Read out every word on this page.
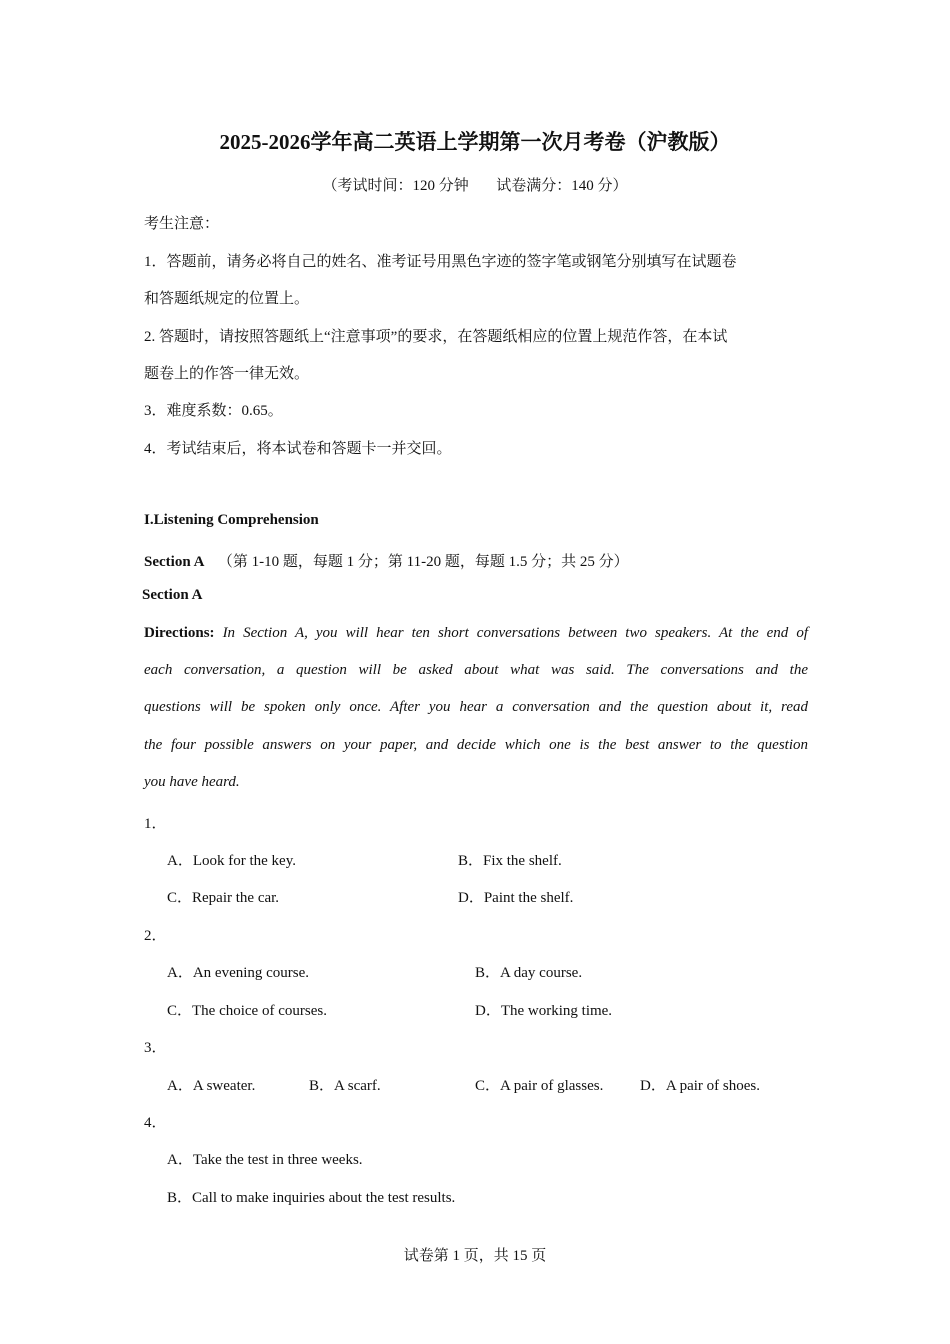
2025-2026学年高二英语上学期第一次月考卷（沪教版）
（考试时间：120 分钟 试卷满分：140 分）
考生注意：
1．答题前，请务必将自己的姓名、准考证号用黑色字迹的签字笔或钢笔分别填写在试题卷
和答题纸规定的位置上。
2. 答题时，请按照答题纸上“注意事项”的要求，在答题纸相应的位置上规范作答，在本试
题卷上的作答一律无效。
3．难度系数：0.65。
4．考试结束后，将本试卷和答题卡一并交回。
I.Listening Comprehension
Section A （第 1-10 题，每题 1 分；第 11-20 题，每题 1.5 分；共 25 分）
Section A
Directions: In Section A, you will hear ten short conversations between two speakers. At the end of
each conversation, a question will be asked about what was said. The conversations and the
questions will be spoken only once. After you hear a conversation and the question about it, read
the four possible answers on your paper, and decide which one is the best answer to the question
you have heard.
1．
A．Look for the key.	B．Fix the shelf.
C．Repair the car.	D．Paint the shelf.
2．
A．An evening course.	B．A day course.
C．The choice of courses.	D．The working time.
3．
A．A sweater.	B．A scarf.	C．A pair of glasses. D．A pair of shoes.
4．
A．Take the test in three weeks.
B．Call to make inquiries about the test results.
试卷第 1 页，共 15 页
